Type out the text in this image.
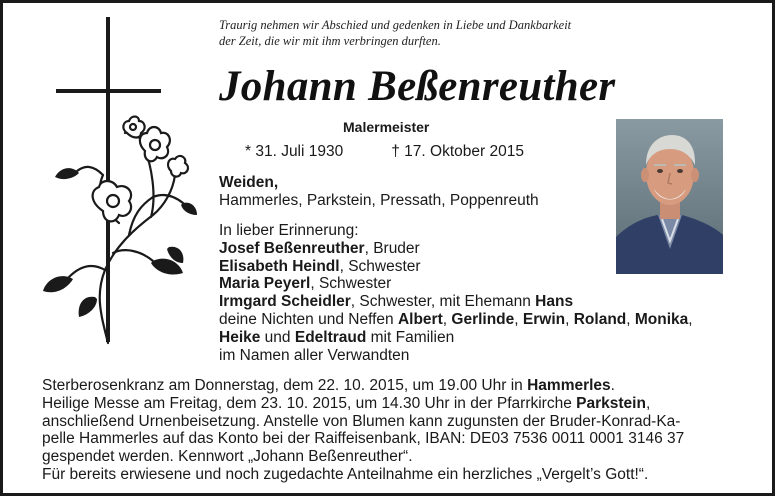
Traurig nehmen wir Abschied und gedenken in Liebe und Dankbarkeit
der Zeit, die wir mit ihm verbringen durften.
Johann Beßenreuther
Malermeister
* 31. Juli 1930	† 17. Oktober 2015
Weiden,
Hammerles, Parkstein, Pressath, Poppenreuth
In lieber Erinnerung:
Josef Beßenreuther, Bruder
Elisabeth Heindl, Schwester
Maria Peyerl, Schwester
Irmgard Scheidler, Schwester, mit Ehemann Hans
deine Nichten und Neffen Albert, Gerlinde, Erwin, Roland, Monika,
Heike und Edeltraud mit Familien
im Namen aller Verwandten
Sterberosenkranz am Donnerstag, dem 22. 10. 2015, um 19.00 Uhr in Hammerles.
Heilige Messe am Freitag, dem 23. 10. 2015, um 14.30 Uhr in der Pfarrkirche Parkstein,
anschließend Urnenbeisetzung. Anstelle von Blumen kann zugunsten der Bruder-Konrad-Ka-
pelle Hammerles auf das Konto bei der Raiffeisenbank, IBAN: DE03 7536 0011 0001 3146 37
gespendet werden. Kennwort „Johann Beßenreuther“.
Für bereits erwiesene und noch zugedachte Anteilnahme ein herzliches „Vergelt’s Gott!“.
